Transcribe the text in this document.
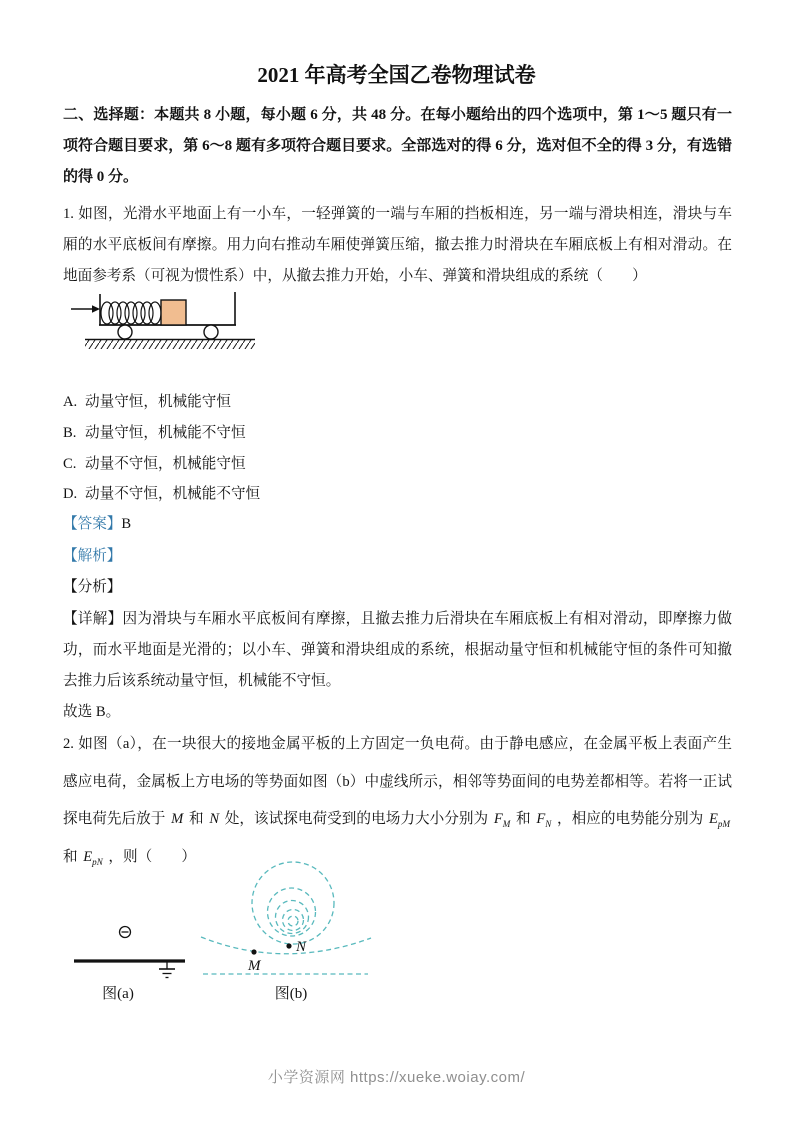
2021 年高考全国乙卷物理试卷
二、选择题：本题共 8 小题，每小题 6 分，共 48 分。在每小题给出的四个选项中，第 1～5 题只有一项符合题目要求，第 6～8 题有多项符合题目要求。全部选对的得 6 分，选对但不全的得 3 分，有选错的得 0 分。
1. 如图，光滑水平地面上有一小车，一轻弹簧的一端与车厢的挡板相连，另一端与滑块相连，滑块与车厢的水平底板间有摩擦。用力向右推动车厢使弹簧压缩，撤去推力时滑块在车厢底板上有相对滑动。在地面参考系（可视为惯性系）中，从撤去推力开始，小车、弹簧和滑块组成的系统（　　）
A. 动量守恒，机械能守恒
B. 动量守恒，机械能不守恒
C. 动量不守恒，机械能守恒
D. 动量不守恒，机械能不守恒
【答案】B
【解析】
【分析】
【详解】因为滑块与车厢水平底板间有摩擦，且撤去推力后滑块在车厢底板上有相对滑动，即摩擦力做功，而水平地面是光滑的；以小车、弹簧和滑块组成的系统，根据动量守恒和机械能守恒的条件可知撤去推力后该系统动量守恒，机械能不守恒。
故选 B。
2. 如图（a），在一块很大的接地金属平板的上方固定一负电荷。由于静电感应，在金属平板上表面产生感应电荷，金属板上方电场的等势面如图（b）中虚线所示，相邻等势面间的电势差都相等。若将一正试探电荷先后放于 M 和 N 处，该试探电荷受到的电场力大小分别为 $F_M$ 和 $F_N$ ，相应的电势能分别为 $E_{pM}$ 和 $E_{pN}$ ，则（　　）
图(a)
M
N
图(b)
小学资源网 https://xueke.woiay.com/
